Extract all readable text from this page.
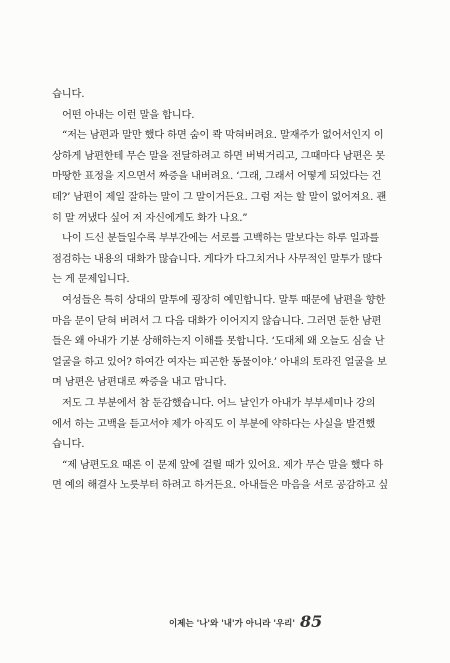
습니다.
어떤 아내는 이런 말을 합니다.
“저는 남편과 말만 했다 하면 숨이 콱 막혀버려요. 말재주가 없어서인지 이
상하게 남편한테 무슨 말을 전달하려고 하면 버벅거리고, 그때마다 남편은 못
마땅한 표정을 지으면서 짜증을 내버려요. ‘그래, 그래서 어떻게 되었다는 건
데?’ 남편이 제일 잘하는 말이 그 말이거든요. 그럼 저는 할 말이 없어져요. 괜
히 말 꺼냈다 싶어 저 자신에게도 화가 나요.”
나이 드신 분들일수록 부부간에는 서로를 고백하는 말보다는 하루 일과를
점검하는 내용의 대화가 많습니다. 게다가 다그치거나 사무적인 말투가 많다
는 게 문제입니다.
여성들은 특히 상대의 말투에 굉장히 예민합니다. 말투 때문에 남편을 향한
마음 문이 닫혀 버려서 그 다음 대화가 이어지지 않습니다. 그러면 둔한 남편
들은 왜 아내가 기분 상해하는지 이해를 못합니다. ‘도대체 왜 오늘도 심술 난
얼굴을 하고 있어? 하여간 여자는 피곤한 동물이야.’ 아내의 토라진 얼굴을 보
며 남편은 남편대로 짜증을 내고 맙니다.
저도 그 부분에서 참 둔감했습니다. 어느 날인가 아내가 부부세미나 강의
에서 하는 고백을 듣고서야 제가 아직도 이 부분에 약하다는 사실을 발견했
습니다.
“제 남편도요 때론 이 문제 앞에 걸릴 때가 있어요. 제가 무슨 말을 했다 하
면 예의 해결사 노릇부터 하려고 하거든요. 아내들은 마음을 서로 공감하고 싶
이제는 '나'와 '내'가 아니라 '우리' 85
